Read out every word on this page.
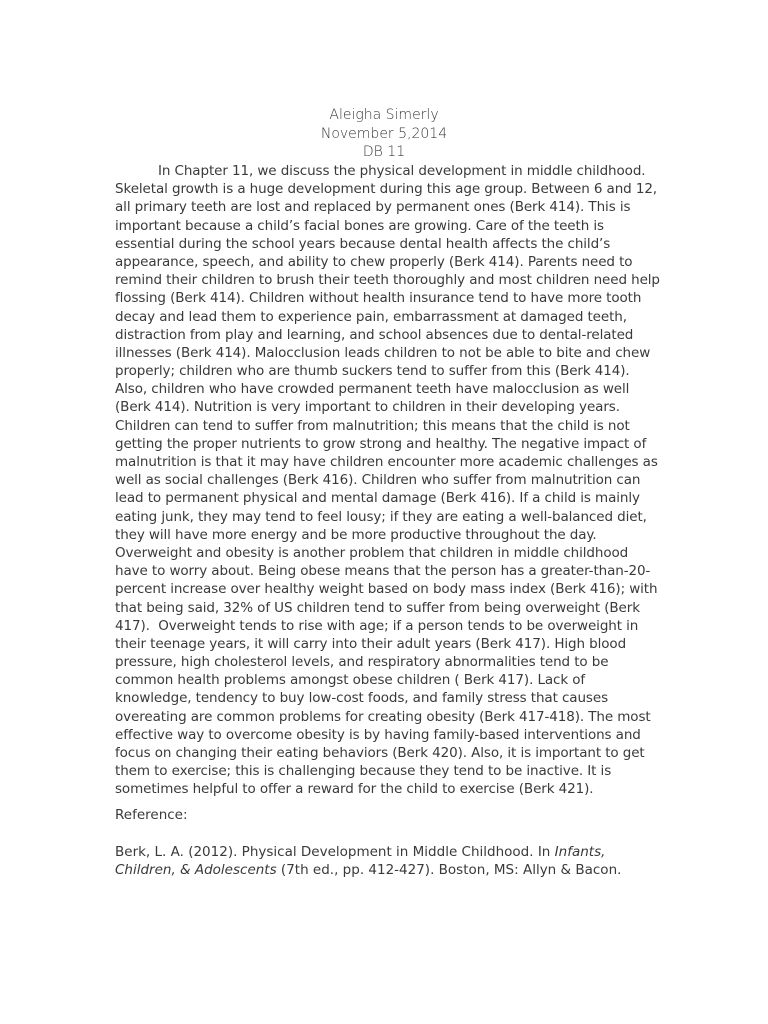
Aleigha Simerly
November 5,2014
DB 11
In Chapter 11, we discuss the physical development in middle childhood.
Skeletal growth is a huge development during this age group. Between 6 and 12,
all primary teeth are lost and replaced by permanent ones (Berk 414). This is
important because a child’s facial bones are growing. Care of the teeth is
essential during the school years because dental health affects the child’s
appearance, speech, and ability to chew properly (Berk 414). Parents need to
remind their children to brush their teeth thoroughly and most children need help
flossing (Berk 414). Children without health insurance tend to have more tooth
decay and lead them to experience pain, embarrassment at damaged teeth,
distraction from play and learning, and school absences due to dental-related
illnesses (Berk 414). Malocclusion leads children to not be able to bite and chew
properly; children who are thumb suckers tend to suffer from this (Berk 414).
Also, children who have crowded permanent teeth have malocclusion as well
(Berk 414). Nutrition is very important to children in their developing years.
Children can tend to suffer from malnutrition; this means that the child is not
getting the proper nutrients to grow strong and healthy. The negative impact of
malnutrition is that it may have children encounter more academic challenges as
well as social challenges (Berk 416). Children who suffer from malnutrition can
lead to permanent physical and mental damage (Berk 416). If a child is mainly
eating junk, they may tend to feel lousy; if they are eating a well-balanced diet,
they will have more energy and be more productive throughout the day.
Overweight and obesity is another problem that children in middle childhood
have to worry about. Being obese means that the person has a greater-than-20-
percent increase over healthy weight based on body mass index (Berk 416); with
that being said, 32% of US children tend to suffer from being overweight (Berk
417).  Overweight tends to rise with age; if a person tends to be overweight in
their teenage years, it will carry into their adult years (Berk 417). High blood
pressure, high cholesterol levels, and respiratory abnormalities tend to be
common health problems amongst obese children ( Berk 417). Lack of
knowledge, tendency to buy low-cost foods, and family stress that causes
overeating are common problems for creating obesity (Berk 417-418). The most
effective way to overcome obesity is by having family-based interventions and
focus on changing their eating behaviors (Berk 420). Also, it is important to get
them to exercise; this is challenging because they tend to be inactive. It is
sometimes helpful to offer a reward for the child to exercise (Berk 421).
Reference:
Berk, L. A. (2012). Physical Development in Middle Childhood. In Infants,
Children, & Adolescents (7th ed., pp. 412-427). Boston, MS: Allyn & Bacon.
